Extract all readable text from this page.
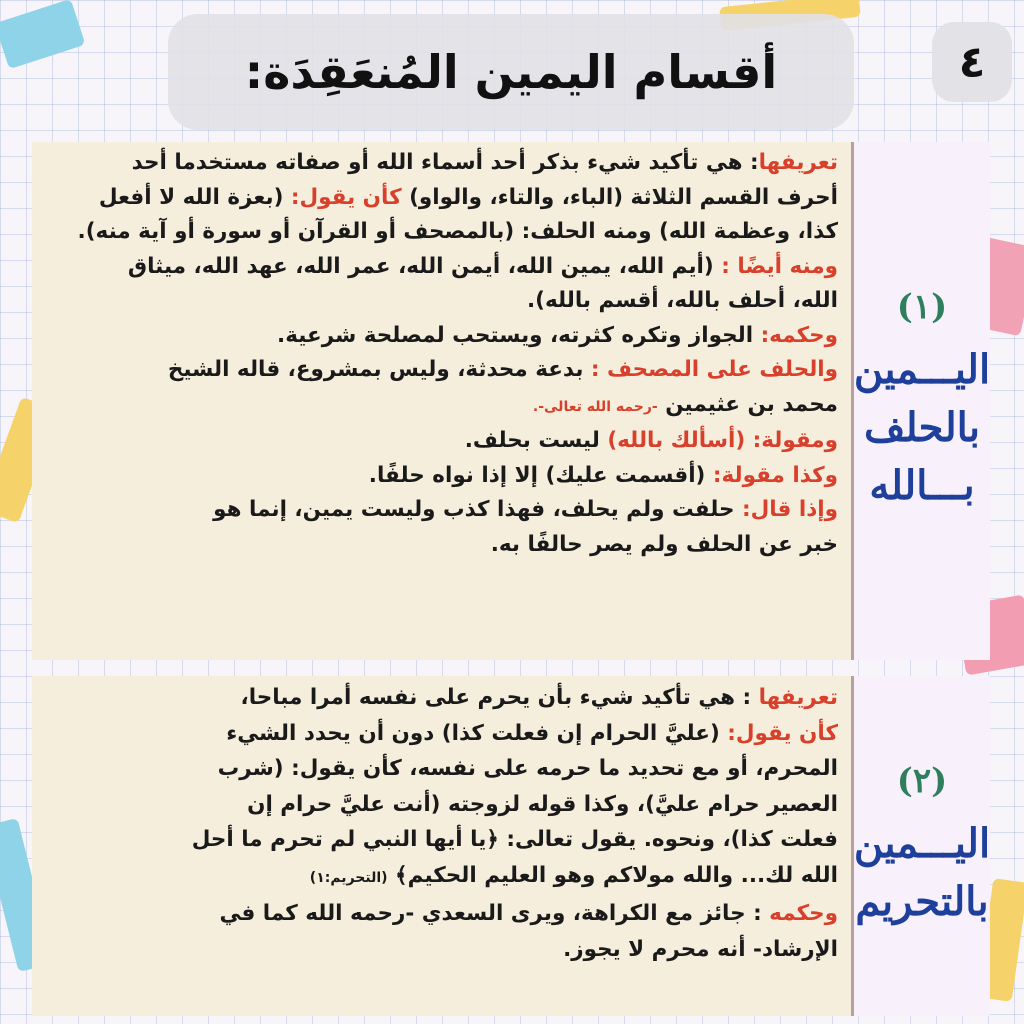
أقسام اليمين المُنعَقِدَة:	٤
تعريفها: هي تأكيد شيء بذكر أحد أسماء الله أو صفاته مستخدما أحد
أحرف القسم الثلاثة (الباء، والتاء، والواو) كأن يقول: (بعزة الله لا أفعل
كذا، وعظمة الله) ومنه الحلف: (بالمصحف أو القرآن أو سورة أو آية منه).
ومنه أيضًا : (أيم الله، يمين الله، أيمن الله، عمر الله، عهد الله، ميثاق
الله، أحلف بالله، أقسم بالله).
وحكمه: الجواز وتكره كثرته، ويستحب لمصلحة شرعية.
والحلف على المصحف : بدعة محدثة، وليس بمشروع، قاله الشيخ
محمد بن عثيمين -رحمه الله تعالى-.
ومقولة: (أسألك بالله) ليست بحلف.
وكذا مقولة: (أقسمت عليك) إلا إذا نواه حلفًا.
وإذا قال: حلفت ولم يحلف، فهذا كذب وليست يمين، إنما هو
خبر عن الحلف ولم يصر حالفًا به.
(١)
اليـــمين
بالحلف
بـــالله
تعريفها : هي تأكيد شيء بأن يحرم على نفسه أمرا مباحا،
كأن يقول: (عليَّ الحرام إن فعلت كذا) دون أن يحدد الشيء
المحرم، أو مع تحديد ما حرمه على نفسه، كأن يقول: (شرب
العصير حرام عليَّ)، وكذا قوله لزوجته (أنت عليَّ حرام إن
فعلت كذا)، ونحوه. يقول تعالى: ﴿يا أيها النبي لم تحرم ما أحل
الله لك... والله مولاكم وهو العليم الحكيم﴾ (التحريم:١)
وحكمه : جائز مع الكراهة، ويرى السعدي -رحمه الله كما في
الإرشاد- أنه محرم لا يجوز.
(٢)
اليـــمين
بالتحريم
